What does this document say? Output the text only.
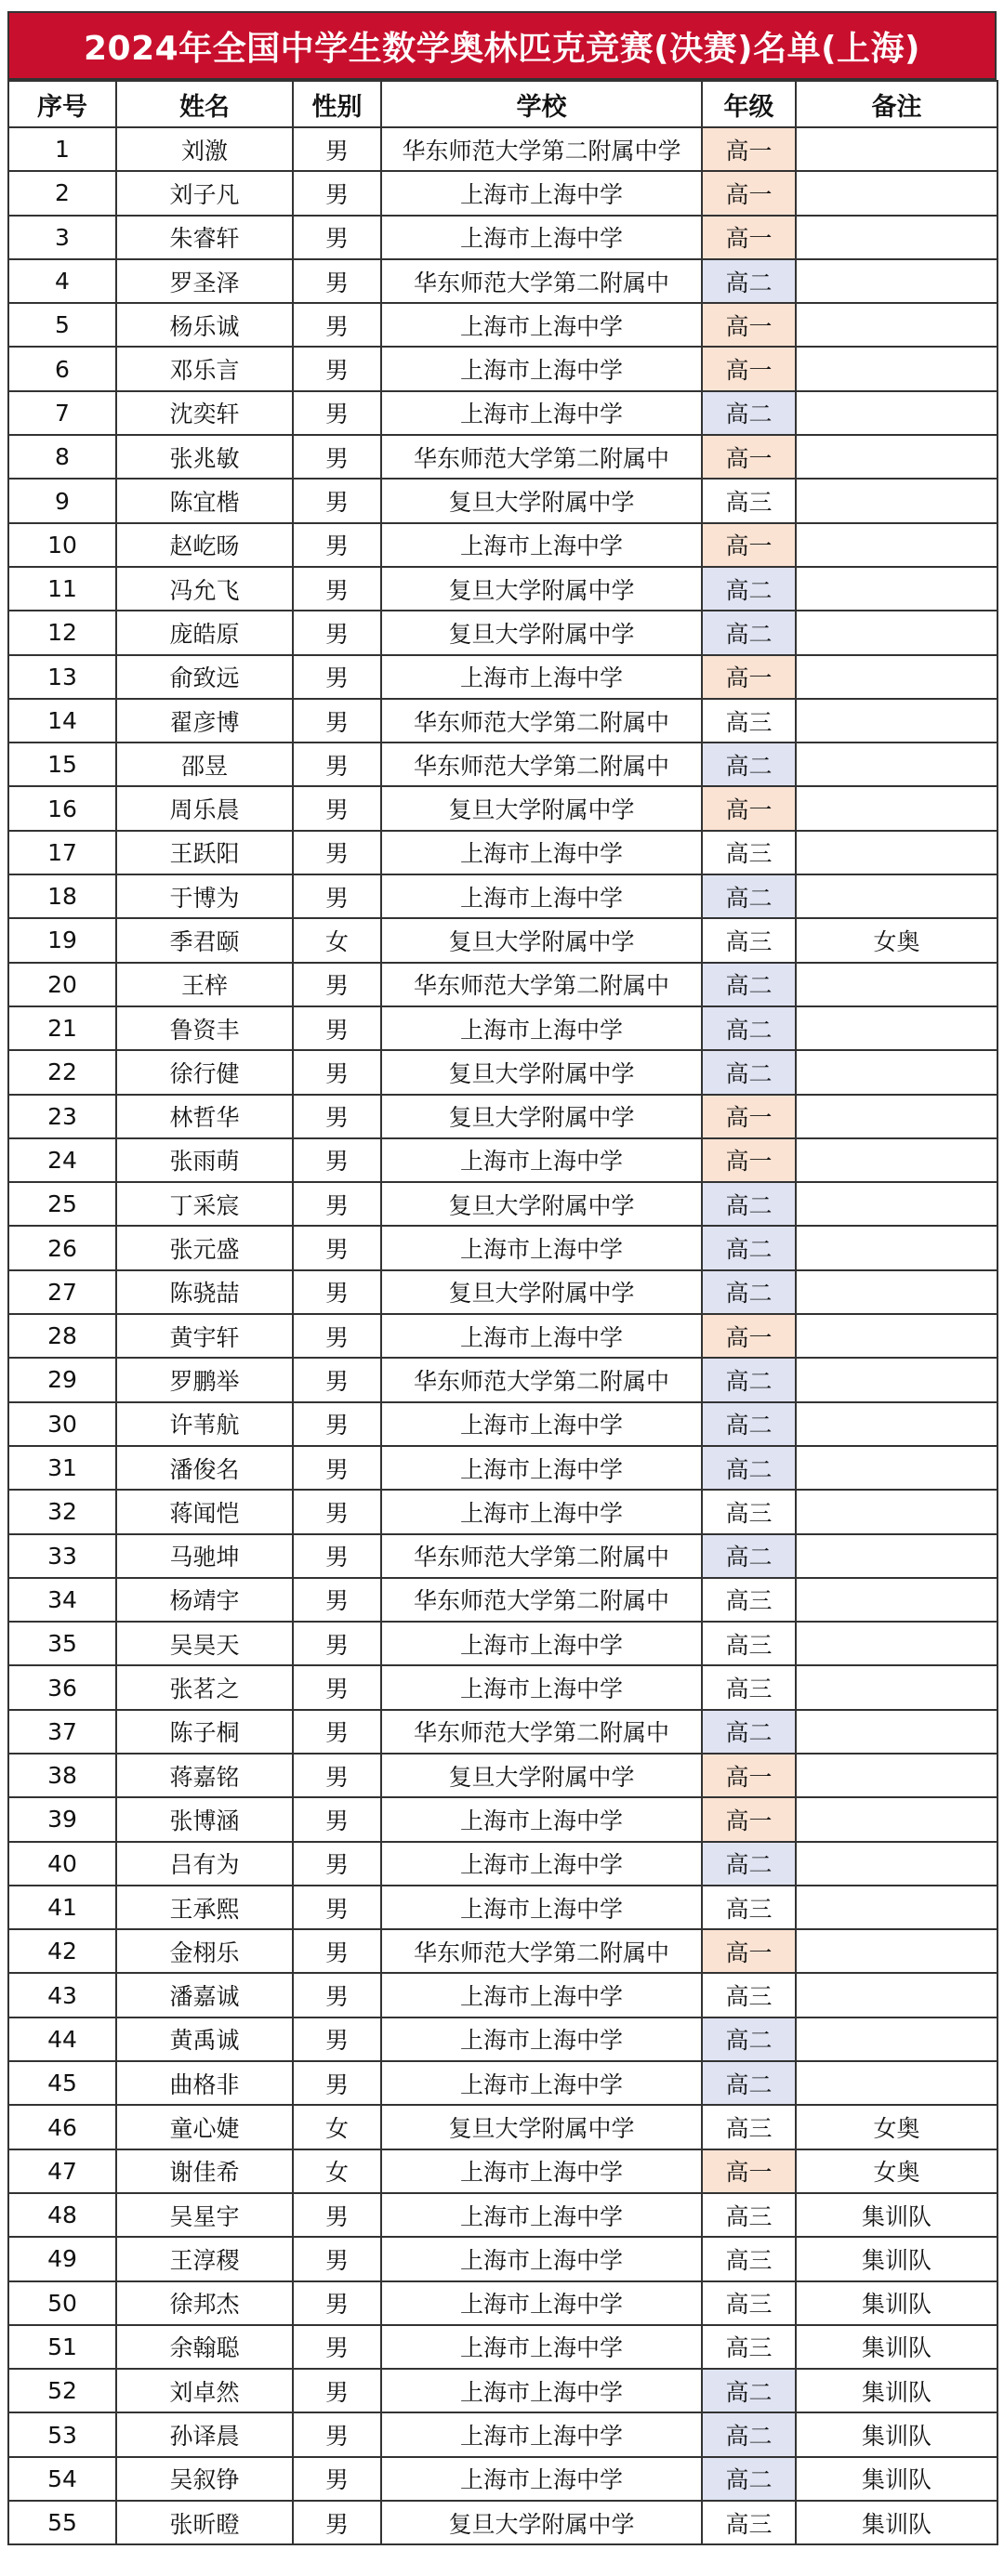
2024年全国中学生数学奥林匹克竞赛(决赛)名单(上海)
序号	姓名	性别	学校	年级	备注
1	刘激	男	华东师范大学第二附属中学	高一	
2	刘子凡	男	上海市上海中学	高一	
3	朱睿轩	男	上海市上海中学	高一	
4	罗圣泽	男	华东师范大学第二附属中	高二	
5	杨乐诚	男	上海市上海中学	高一	
6	邓乐言	男	上海市上海中学	高一	
7	沈奕轩	男	上海市上海中学	高二	
8	张兆敏	男	华东师范大学第二附属中	高一	
9	陈宜楷	男	复旦大学附属中学	高三	
10	赵屹旸	男	上海市上海中学	高一	
11	冯允飞	男	复旦大学附属中学	高二	
12	庞皓原	男	复旦大学附属中学	高二	
13	俞致远	男	上海市上海中学	高一	
14	翟彦博	男	华东师范大学第二附属中	高三	
15	邵昱	男	华东师范大学第二附属中	高二	
16	周乐晨	男	复旦大学附属中学	高一	
17	王跃阳	男	上海市上海中学	高三	
18	于博为	男	上海市上海中学	高二	
19	季君颐	女	复旦大学附属中学	高三	女奥
20	王梓	男	华东师范大学第二附属中	高二	
21	鲁资丰	男	上海市上海中学	高二	
22	徐行健	男	复旦大学附属中学	高二	
23	林哲华	男	复旦大学附属中学	高一	
24	张雨萌	男	上海市上海中学	高一	
25	丁采宸	男	复旦大学附属中学	高二	
26	张元盛	男	上海市上海中学	高二	
27	陈骁喆	男	复旦大学附属中学	高二	
28	黄宇轩	男	上海市上海中学	高一	
29	罗鹏举	男	华东师范大学第二附属中	高二	
30	许苇航	男	上海市上海中学	高二	
31	潘俊名	男	上海市上海中学	高二	
32	蒋闻恺	男	上海市上海中学	高三	
33	马驰坤	男	华东师范大学第二附属中	高二	
34	杨靖宇	男	华东师范大学第二附属中	高三	
35	吴昊天	男	上海市上海中学	高三	
36	张茗之	男	上海市上海中学	高三	
37	陈子桐	男	华东师范大学第二附属中	高二	
38	蒋嘉铭	男	复旦大学附属中学	高一	
39	张博涵	男	上海市上海中学	高一	
40	吕有为	男	上海市上海中学	高二	
41	王承熙	男	上海市上海中学	高三	
42	金栩乐	男	华东师范大学第二附属中	高一	
43	潘嘉诚	男	上海市上海中学	高三	
44	黄禹诚	男	上海市上海中学	高二	
45	曲格非	男	上海市上海中学	高二	
46	童心婕	女	复旦大学附属中学	高三	女奥
47	谢佳希	女	上海市上海中学	高一	女奥
48	吴星宇	男	上海市上海中学	高三	集训队
49	王淳稷	男	上海市上海中学	高三	集训队
50	徐邦杰	男	上海市上海中学	高三	集训队
51	余翰聪	男	上海市上海中学	高三	集训队
52	刘卓然	男	上海市上海中学	高二	集训队
53	孙译晨	男	上海市上海中学	高二	集训队
54	吴叙铮	男	上海市上海中学	高二	集训队
55	张昕瞪	男	复旦大学附属中学	高三	集训队
